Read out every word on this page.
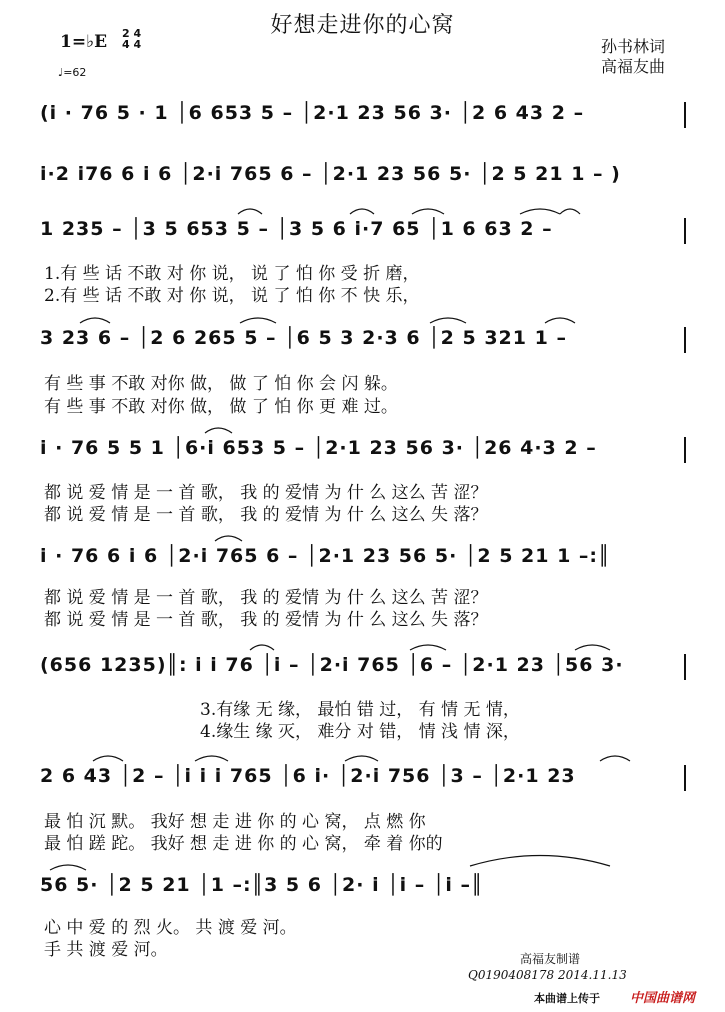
好想走进你的心窝
1=♭E 2 4
4 4
♩=62
孙书林词
高福友曲
(i · 76 5 · 1 │6 653 5 – │2·1 23 56 3· │2 6 43 2 –
i·2 i76 6 i 6 │2·i 765 6 – │2·1 23 56 5· │2 5 21 1 – )
1 235 – │3 5 653 5 – │3 5 6 i·7 65 │1 6 63 2 –
1.有 些 话 不敢 对 你 说， 说 了 怕 你 受 折 磨，
2.有 些 话 不敢 对 你 说， 说 了 怕 你 不 快 乐，
3 23 6 – │2 6 265 5 – │6 5 3 2·3 6 │2 5 321 1 –
有 些 事 不敢 对你 做， 做 了 怕 你 会 闪 躲。
有 些 事 不敢 对你 做， 做 了 怕 你 更 难 过。
i · 76 5 5 1 │6·i 653 5 – │2·1 23 56 3· │26 4·3 2 –
都 说 爱 情 是 一 首 歌， 我 的 爱情 为 什 么 这么 苦 涩？
都 说 爱 情 是 一 首 歌， 我 的 爱情 为 什 么 这么 失 落？
i · 76 6 i 6 │2·i 765 6 – │2·1 23 56 5· │2 5 21 1 –:║
都 说 爱 情 是 一 首 歌， 我 的 爱情 为 什 么 这么 苦 涩？
都 说 爱 情 是 一 首 歌， 我 的 爱情 为 什 么 这么 失 落？
(656 1235)║: i i 76 │i – │2·i 765 │6 – │2·1 23 │56 3·
3.有缘 无 缘， 最怕 错 过， 有 情 无 情，
4.缘生 缘 灭， 难分 对 错， 情 浅 情 深，
2 6 43 │2 – │i i i 765 │6 i· │2·i 756 │3 – │2·1 23
最 怕 沉 默。 我好 想 走 进 你 的 心 窝， 点 燃 你
最 怕 蹉 跎。 我好 想 走 进 你 的 心 窝， 牵 着 你的
56 5· │2 5 21 │1 –:║3 5 6 │2· i │i – │i –║
心 中 爱 的 烈 火。 共 渡 爱 河。
手 共 渡 爱 河。	高福友制谱
Q0190408178 2014.11.13
本曲谱上传于 中国曲谱网
